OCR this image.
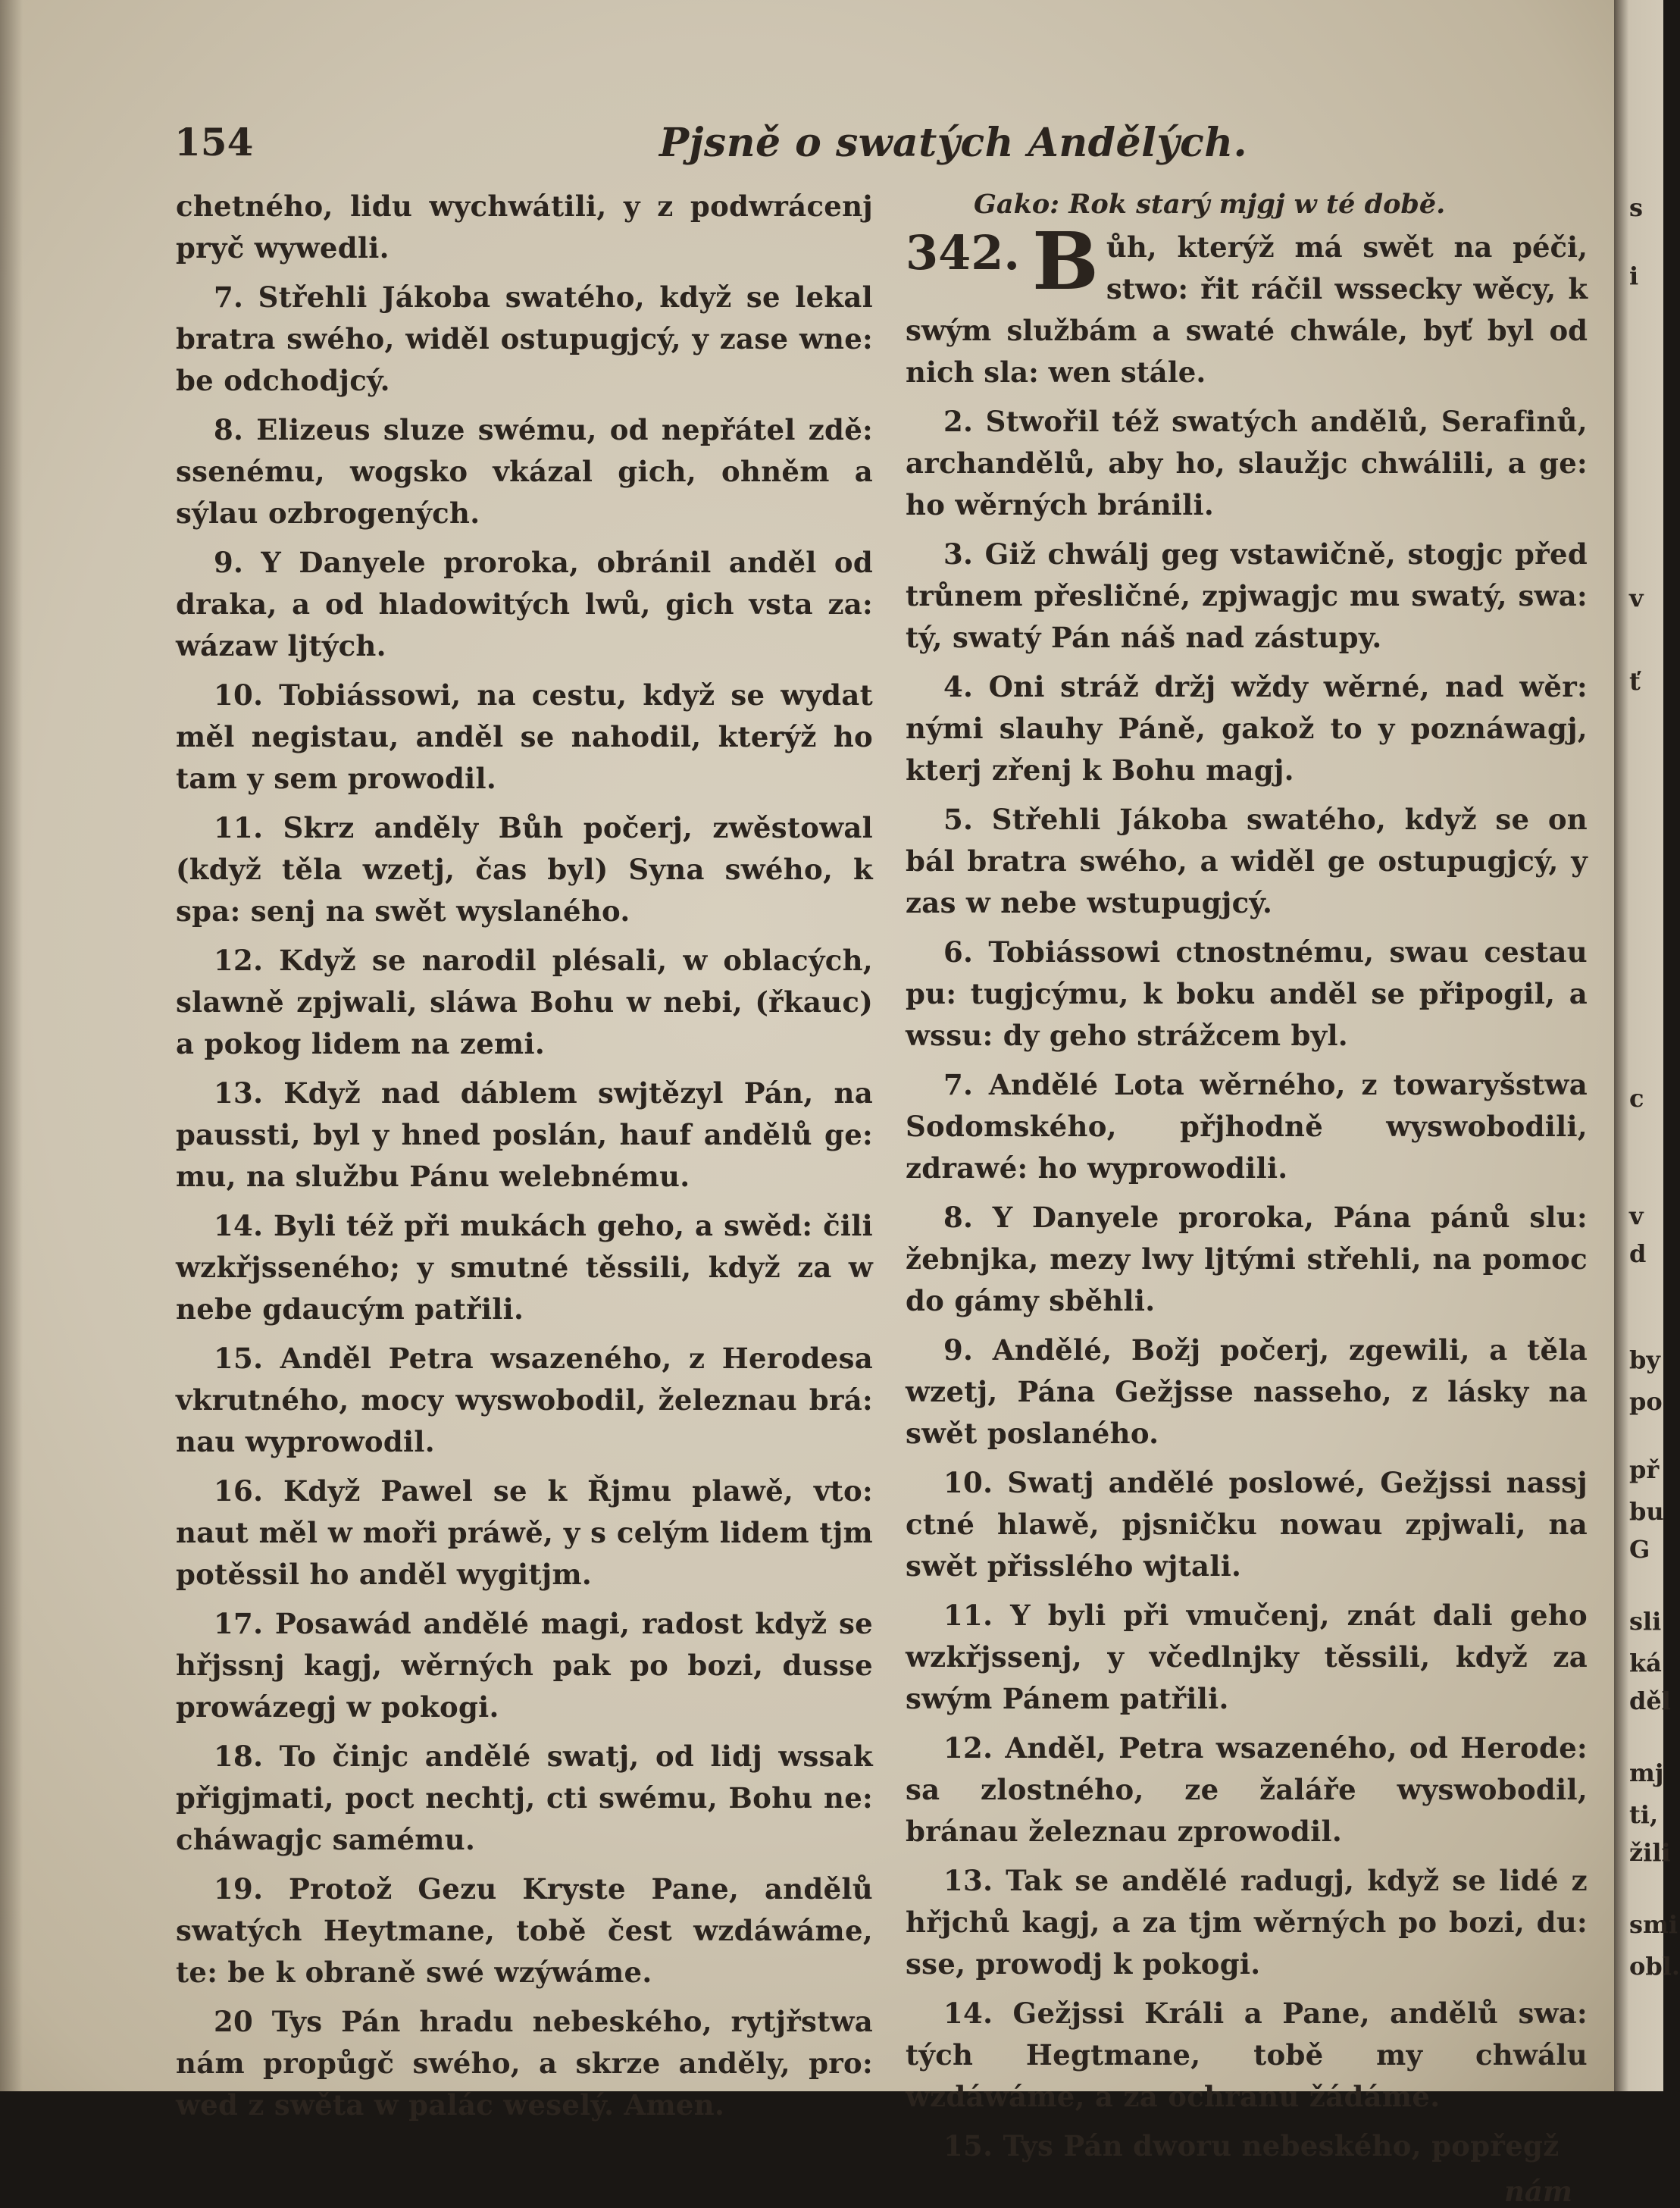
154	Pjsně o swatých Andělých.

chetného, lidu wychwátili, y z podwrácenj pryč wywedli.

7. Střehli Jákoba swatého, když se lekal bratra swého, widěl ostupugjcý, y zase wne: be odchodjcý.

8. Elizeus sluze swému, od nepřátel zdě: ssenému, wogsko vkázal gich, ohněm a sýlau ozbrogených.

9. Y Danyele proroka, obránil anděl od draka, a od hladowitých lwů, gich vsta za: wázaw ljtých.

10. Tobiássowi, na cestu, když se wydat měl negistau, anděl se nahodil, kterýž ho tam y sem prowodil.

11. Skrz anděly Bůh počerj, zwěstowal (když těla wzetj, čas byl) Syna swého, k spa: senj na swět wyslaného.

12. Když se narodil plésali, w oblacých, slawně zpjwali, sláwa Bohu w nebi, (řkauc) a pokog lidem na zemi.

13. Když nad dáblem swjtězyl Pán, na paussti, byl y hned poslán, hauf andělů ge: mu, na službu Pánu welebnému.

14. Byli též při mukách geho, a swěd: čili wzkřjsseného; y smutné těssili, když za w nebe gdaucým patřili.

15. Anděl Petra wsazeného, z Herodesa vkrutného, mocy wyswobodil, železnau brá: nau wyprowodil.

16. Když Pawel se k Řjmu plawě, vto: naut měl w moři práwě, y s celým lidem tjm potěssil ho anděl wygitjm.

17. Posawád andělé magi, radost když se hřjssnj kagj, wěrných pak po bozi, dusse prowázegj w pokogi.

18. To činjc andělé swatj, od lidj wssak přigjmati, poct nechtj, cti swému, Bohu ne: cháwagjc samému.

19. Protož Gezu Kryste Pane, andělů swatých Heytmane, tobě čest wzdáwáme, te: be k obraně swé wzýwáme.

20 Tys Pán hradu nebeského, rytjřstwa nám propůgč swého, a skrze anděly, pro: wed z swěta w palác weselý. Amen.

Gako: Rok starý mjgj w té době.

342. B ůh, kterýž má swět na péči, stwo: řit ráčil wssecky wěcy, k swým službám a swaté chwále, byť byl od nich sla: wen stále.

2. Stwořil též swatých andělů, Serafinů, archandělů, aby ho, slaužjc chwálili, a ge: ho wěrných bránili.

3. Giž chwálj geg vstawičně, stogjc před trůnem přeslіčné, zpjwagjc mu swatý, swa: tý, swatý Pán náš nad zástupy.

4. Oni stráž držj wždy wěrné, nad wěr: nými slauhy Páně, gakož to y poznáwagj, kterj zřenj k Bohu magj.

5. Střehli Jákoba swatého, když se on bál bratra swého, a widěl ge ostupugjcý, y zas w nebe wstupugjcý.

6. Tobiássowi ctnostnému, swau cestau pu: tugjcýmu, k boku anděl se připogil, a wssu: dy geho strážcem byl.

7. Andělé Lota wěrného, z towaryšstwa Sodomského, přjhodně wyswobodili, zdrawé: ho wyprowodili.

8. Y Danyele proroka, Pána pánů slu: žebnjka, mezy lwy ljtými střehli, na pomoc do gámy sběhli.

9. Andělé, Božj počerj, zgewili, a těla wzetj, Pána Gežjsse nasseho, z lásky na swět poslaného.

10. Swatj andělé poslowé, Gežjssi nassj ctné hlawě, pjsničku nowau zpjwali, na swět přisslého wjtali.

11. Y byli při vmučenj, znát dali geho wzkřjssenj, y včedlnjky těssili, když za swým Pánem patřili.

12. Anděl, Petra wsazeného, od Herode: sa zlostného, ze žaláře wyswobodil, bránau železnau zprowodil.

13. Tak se andělé radugj, když se lidé z hřjchů kagj, a za tjm wěrných po bozi, du: sse, prowodj k pokogi.

14. Gežjssi Králi a Pane, andělů swa: tých Hegtmane, tobě my chwálu wzdáwáme, a za ochranu žádáme.

15. Tys Pán dworu nebeského, popřegž

nám
s
i
v
ť
c
v
d
by
po
př
bu
G
sli
ká
děl
mj
ti,
žili
smi
obl.
